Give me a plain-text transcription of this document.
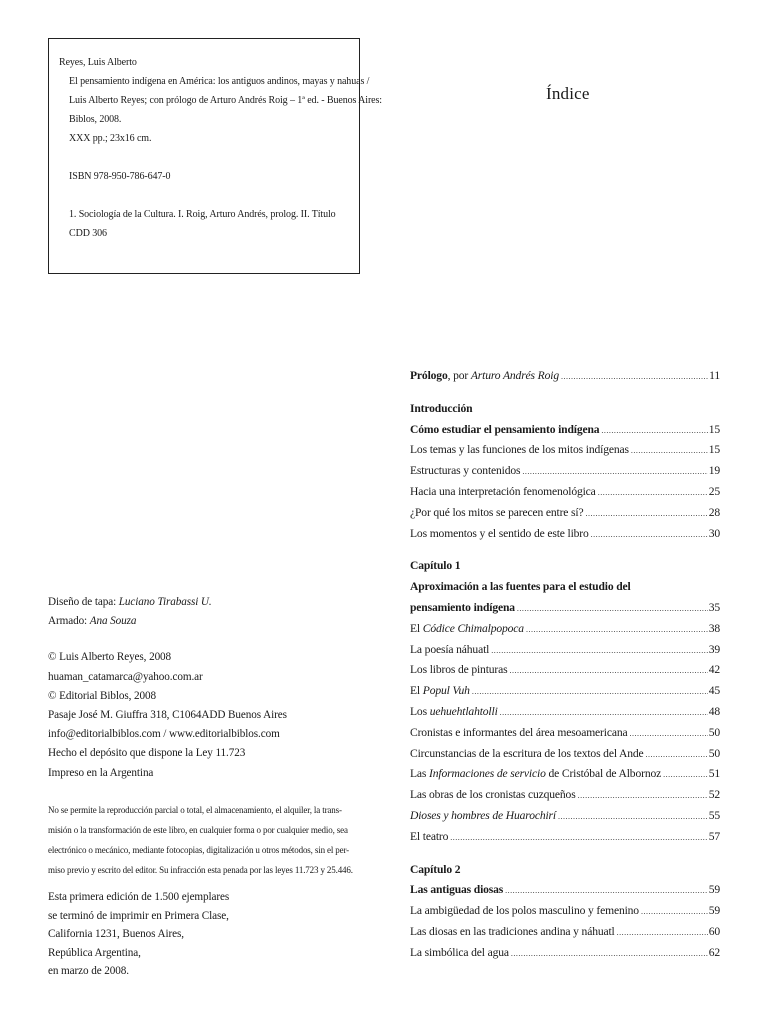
Reyes, Luis Alberto
El pensamiento indígena en América: los antiguos andinos, mayas y nahuas /
Luis Alberto Reyes; con prólogo de Arturo Andrés Roig – 1ª ed. - Buenos Aires:
Biblos, 2008.
XXX pp.; 23x16 cm.
ISBN 978-950-786-647-0
1. Sociología de la Cultura. I. Roig, Arturo Andrés, prolog. II. Título
CDD 306
Índice
Diseño de tapa: Luciano Tirabassi U.
Armado: Ana Souza
© Luis Alberto Reyes, 2008
huaman_catamarca@yahoo.com.ar
© Editorial Biblos, 2008
Pasaje José M. Giuffra 318, C1064ADD Buenos Aires
info@editorialbiblos.com / www.editorialbiblos.com
Hecho el depósito que dispone la Ley 11.723
Impreso en la Argentina
No se permite la reproducción parcial o total, el almacenamiento, el alquiler, la trans-
misión o la transformación de este libro, en cualquier forma o por cualquier medio, sea
electrónico o mecánico, mediante fotocopias, digitalización u otros métodos, sin el per-
miso previo y escrito del editor. Su infracción esta penada por las leyes 11.723 y 25.446.
Esta primera edición de 1.500 ejemplares
se terminó de imprimir en Primera Clase,
California 1231, Buenos Aires,
República Argentina,
en marzo de 2008.
Prólogo, por Arturo Andrés Roig .....	11
Introducción
Cómo estudiar el pensamiento indígena .....	15
Los temas y las funciones de los mitos indígenas .....	15
Estructuras y contenidos .....	19
Hacia una interpretación fenomenológica .....	25
¿Por qué los mitos se parecen entre sí? .....	28
Los momentos y el sentido de este libro .....	30
Capítulo 1
Aproximación a las fuentes para el estudio del
pensamiento indígena .....	35
El Códice Chimalpopoca .....	38
La poesía náhuatl .....	39
Los libros de pinturas .....	42
El Popul Vuh .....	45
Los uehuehtlahtolli .....	48
Cronistas e informantes del área mesoamericana .....	50
Circunstancias de la escritura de los textos del Ande .....	50
Las Informaciones de servicio de Cristóbal de Albornoz .....	51
Las obras de los cronistas cuzqueños .....	52
Dioses y hombres de Huarochirí .....	55
El teatro .....	57
Capítulo 2
Las antiguas diosas .....	59
La ambigüedad de los polos masculino y femenino .....	59
Las diosas en las tradiciones andina y náhuatl .....	60
La simbólica del agua .....	62
